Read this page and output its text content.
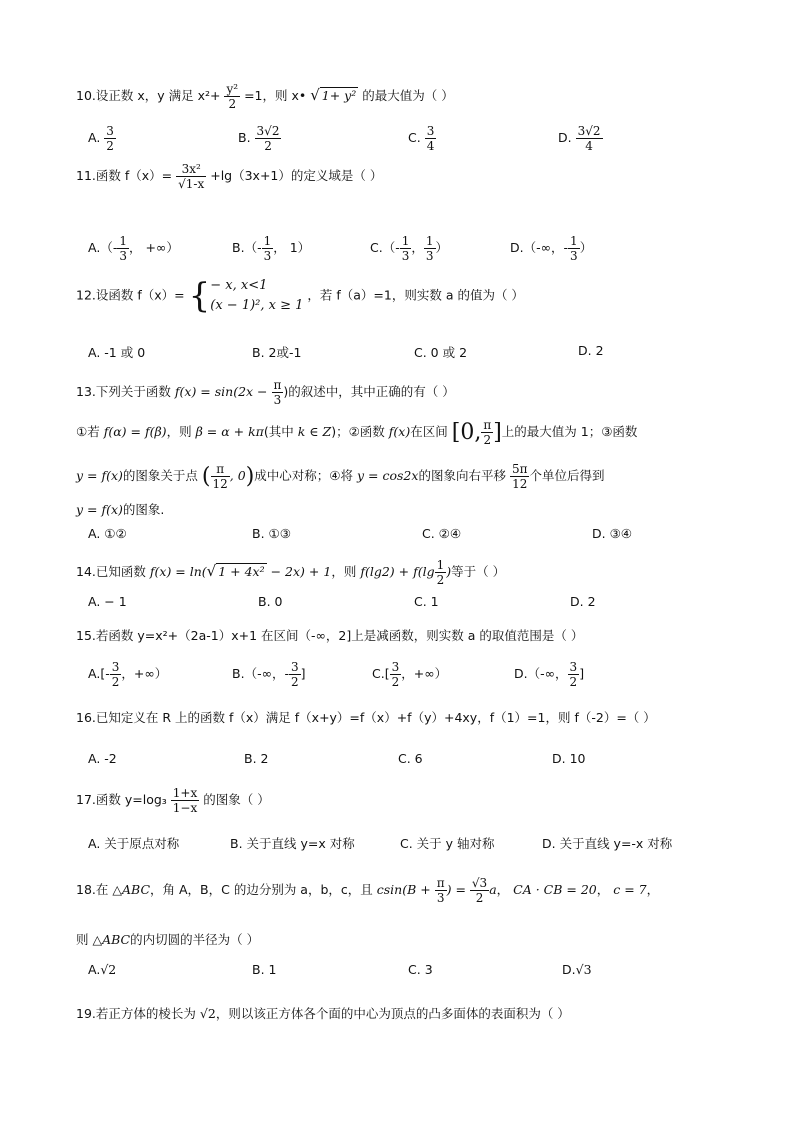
10.设正数 x，y 满足 $x^2+ \frac{\text{y²}}{2} =1$，则 x• √ 1+ y² 的最大值为（ ）
A. $\frac{3}{2}$	B. $\frac{3√2}{2}$	C. $\frac{3}{4}$	D. $\frac{3√2}{4}$
11.函数 $f(x)= \frac{\text{3x²}}{√1-x} +\lg(3x+1)$的定义域是（ ）
$A.(- \frac{1}{3}$ ， +∞）	$B.(- \frac{1}{3}$ ， 1）	$C.(- \frac{1}{3}$ ， $\frac{1}{3}$ ）	D.（-∞，- $\frac{1}{3}$ ）
12.设函数 f（x）= { − x, x<1
(x − 1)², x ≥ 1
，若 f（a）=1，则实数 a 的值为（ ）
A. -1 或 0	B. 2或-1	C. 0 或 2	D. 2
13.下列关于函数 $f(x) = \sin(2x - \frac{\pi}{3}$ )的叙述中，其中正确的有（ ）
①若 f(α) = f(β)，则 β = α + kπ(其中 k ∈ Z)；②函数 f(x)在区间 [0, $\frac{\pi}{2}$ ]上的最大值为 1；③函数
y = f(x)的图象关于点 ( $\frac{\pi}{12}$ , 0)成中心对称；④将 y = cos2x的图象向右平移 $\frac{5\pi}{12}$ 个单位后得到
y = f(x)的图象.
A. ①②	B. ①③	C. ②④	D. ③④
14.已知函数 f(x) = ln(√ 1 + 4x² − 2x) + 1，则 $f(\lg 2) + f(\lg \frac{1}{2}$ )等于（ ）
A. − 1	B. 0	C. 1	D. 2
15.若函数 y=x²+（2a-1）x+1 在区间（-∞，2]上是减函数，则实数 a 的取值范围是（ ）
$A.[- \frac{3}{2}$ ，+∞）	B.（-∞，- $\frac{3}{2}$ ]	$C.[ \frac{3}{2}$ ，+∞）	D.（-∞， $\frac{3}{2}$ ]
16.已知定义在 R 上的函数 f（x）满足 f（x+y）=f（x）+f（y）+4xy，f（1）=1，则 f（-2）=（ ）
A. -2	B. 2	C. 6	D. 10
17.函数 $y=\log_3 \frac{1+x}{1-x}$ 的图象（ ）
A. 关于原点对称	B. 关于直线 y=x 对称	C. 关于 y 轴对称	D. 关于直线 y=-x 对称
18.在 △ABC，角 A，B，C 的边分别为 a，b，c，且 $csin(B + \frac{\pi}{3}$ ) = $\frac{√3}{2}$ a， CA · CB = 20， c = 7，
则 △ABC的内切圆的半径为（ ）
A.√2	B. 1	C. 3	D.√3
19.若正方体的棱长为 √2，则以该正方体各个面的中心为顶点的凸多面体的表面积为（ ）
